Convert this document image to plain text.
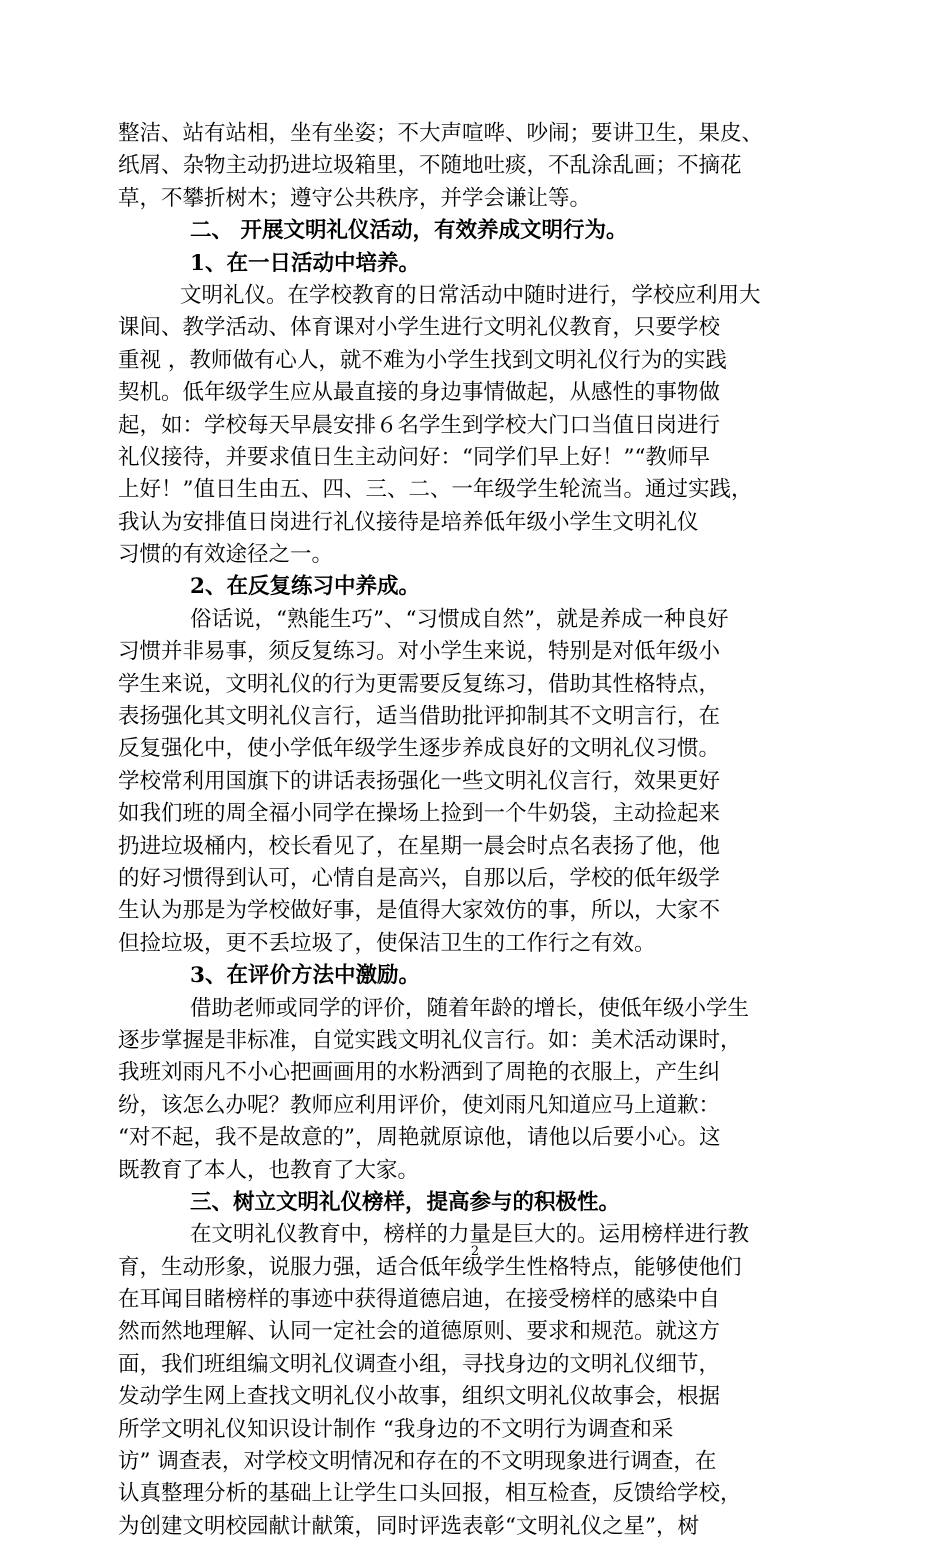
整洁、站有站相，坐有坐姿；不大声喧哗、吵闹；要讲卫生，果皮、
纸屑、杂物主动扔进垃圾箱里，不随地吐痰，不乱涂乱画；不摘花
草，不攀折树木；遵守公共秩序，并学会谦让等。
二、 开展文明礼仪活动，有效养成文明行为。
1、在一日活动中培养。
文明礼仪。在学校教育的日常活动中随时进行，学校应利用大
课间、教学活动、体育课对小学生进行文明礼仪教育，只要学校
重视 ，教师做有心人，就不难为小学生找到文明礼仪行为的实践
契机。低年级学生应从最直接的身边事情做起，从感性的事物做
起，如：学校每天早晨安排６名学生到学校大门口当值日岗进行
礼仪接待，并要求值日生主动问好：“同学们早上好！”“教师早
上好！”值日生由五、四、三、二、一年级学生轮流当。通过实践，
我认为安排值日岗进行礼仪接待是培养低年级小学生文明礼仪
习惯的有效途径之一。
2、在反复练习中养成。
俗话说，“熟能生巧”、“习惯成自然”，就是养成一种良好
习惯并非易事，须反复练习。对小学生来说，特别是对低年级小
学生来说，文明礼仪的行为更需要反复练习，借助其性格特点，
表扬强化其文明礼仪言行，适当借助批评抑制其不文明言行，在
反复强化中，使小学低年级学生逐步养成良好的文明礼仪习惯。
学校常利用国旗下的讲话表扬强化一些文明礼仪言行，效果更好
如我们班的周全福小同学在操场上捡到一个牛奶袋，主动捡起来
扔进垃圾桶内，校长看见了，在星期一晨会时点名表扬了他，他
的好习惯得到认可，心情自是高兴，自那以后，学校的低年级学
生认为那是为学校做好事，是值得大家效仿的事，所以，大家不
但捡垃圾，更不丢垃圾了，使保洁卫生的工作行之有效。
3、在评价方法中激励。
借助老师或同学的评价，随着年龄的增长，使低年级小学生
逐步掌握是非标准，自觉实践文明礼仪言行。如：美术活动课时，
我班刘雨凡不小心把画画用的水粉洒到了周艳的衣服上，产生纠
纷，该怎么办呢？教师应利用评价，使刘雨凡知道应马上道歉：
“对不起，我不是故意的”，周艳就原谅他，请他以后要小心。这
既教育了本人，也教育了大家。
三、树立文明礼仪榜样，提高参与的积极性。
在文明礼仪教育中，榜样的力量是巨大的。运用榜样进行教
育，生动形象，说服力强，适合低年级学生性格特点，能够使他们
在耳闻目睹榜样的事迹中获得道德启迪，在接受榜样的感染中自
然而然地理解、认同一定社会的道德原则、要求和规范。就这方
面，我们班组编文明礼仪调查小组，寻找身边的文明礼仪细节，
发动学生网上查找文明礼仪小故事，组织文明礼仪故事会，根据
所学文明礼仪知识设计制作 “我身边的不文明行为调查和采
访” 调查表，对学校文明情况和存在的不文明现象进行调查，在
认真整理分析的基础上让学生口头回报，相互检查，反馈给学校，
为创建文明校园献计献策，同时评选表彰“文明礼仪之星”，树
2
